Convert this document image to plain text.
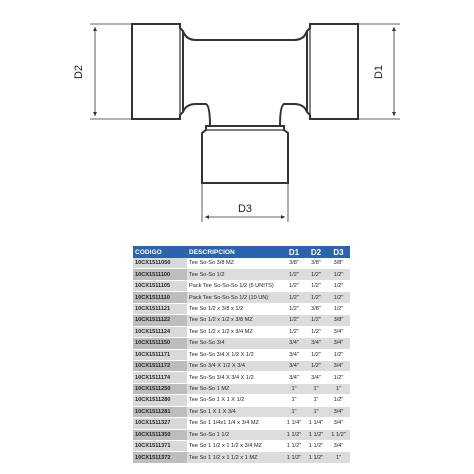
D2	D1
D3
CODIGO	DESCRIPCION	D1	D2	D3
10CX1511050	Tee So-So 3/8 MZ	3/8"	3/8"	3/8"
10CX1511100	Tee So-So 1/2	1/2"	1/2"	1/2"
10CX1511105	Pack Tee So-So-So 1/2 (5 UNITS)	1/2"	1/2"	1/2"
10CX1511110	Pack Tee So-So-So 1/2 (10 UN)	1/2"	1/2"	1/2"
10CX1511121	Tee So 1/2 x 3/8 x 1/2	1/2"	3/8"	1/2"
10CX1511122	Tee So 1/2 x 1/2 x 3/8 MZ	1/2"	1/2"	3/8"
10CX1511124	Tee So 1/2 x 1/2 x 3/4 MZ	1/2"	1/2"	3/4"
10CX1511150	Tee So-So 3/4	3/4"	3/4"	3/4"
10CX1511171	Tee So-So 3/4 X 1/2 X 1/2	3/4"	1/2"	1/2"
10CX1511172	Tee So 3/4 X 1/2 X 3/4	3/4"	1/2"	3/4"
10CX1511174	Tee So-So 3/4 X 3/4 X 1/2	3/4"	3/4"	1/2"
10CX1511250	Tee So-So 1 MZ	1"	1"	1"
10CX1511280	Tee So-So 1 X 1 X 1/2	1"	1"	1/2"
10CX1511281	Tee So 1 X 1 X 3/4	1"	1"	3/4"
10CX1511327	Tee So 1 1/4x1 1/4 x 3/4 MZ	1 1/4"	1 1/4"	3/4"
10CX1511350	Tee So-So 1 1/2	1 1/2"	1 1/2"	1 1/2"
10CX1511371	Tee So 1 1/2 x 1 1/2 x 3/4 MZ	1 1/2"	1 1/2"	3/4"
10CX1511372	Tee So 1 1/2 x 1 1/2 x 1 MZ	1 1/2"	1 1/2"	1"
